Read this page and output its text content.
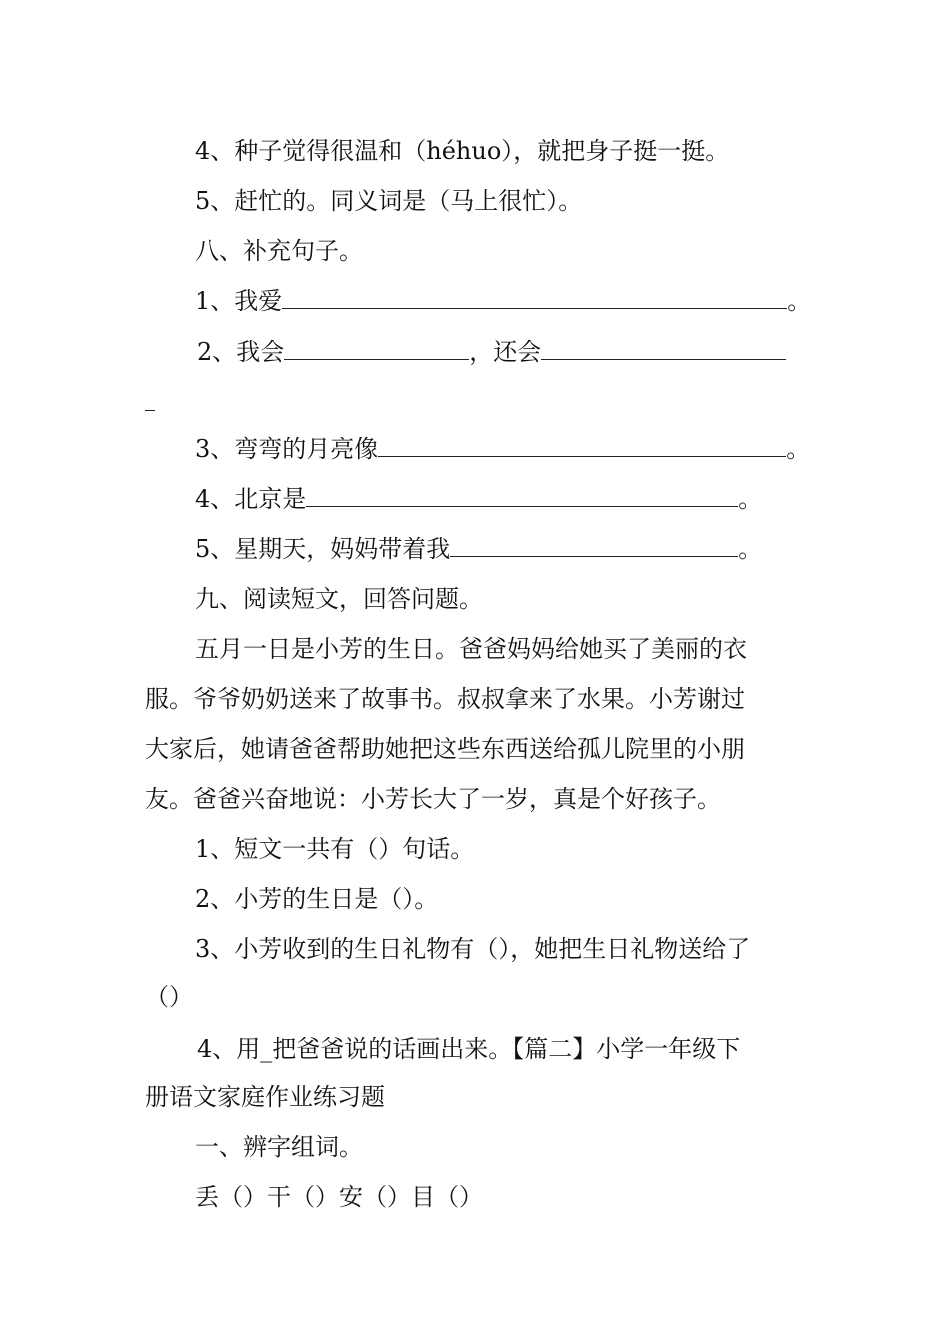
4、种子觉得很温和（héhuo），就把身子挺一挺。
5、赶忙的。同义词是（马上很忙）。
八、补充句子。
1、我爱	。
2、我会	，还会
3、弯弯的月亮像	。
4、北京是	。
5、星期天，妈妈带着我	。
九、阅读短文，回答问题。
五月一日是小芳的生日。爸爸妈妈给她买了美丽的衣
服。爷爷奶奶送来了故事书。叔叔拿来了水果。小芳谢过
大家后，她请爸爸帮助她把这些东西送给孤儿院里的小朋
友。爸爸兴奋地说：小芳长大了一岁，真是个好孩子。
1、短文一共有（）句话。
2、小芳的生日是（）。
3、小芳收到的生日礼物有（），她把生日礼物送给了
（）
4、用_把爸爸说的话画出来。【篇二】小学一年级下
册语文家庭作业练习题
一、辨字组词。
丢（）干（）安（）目（）
